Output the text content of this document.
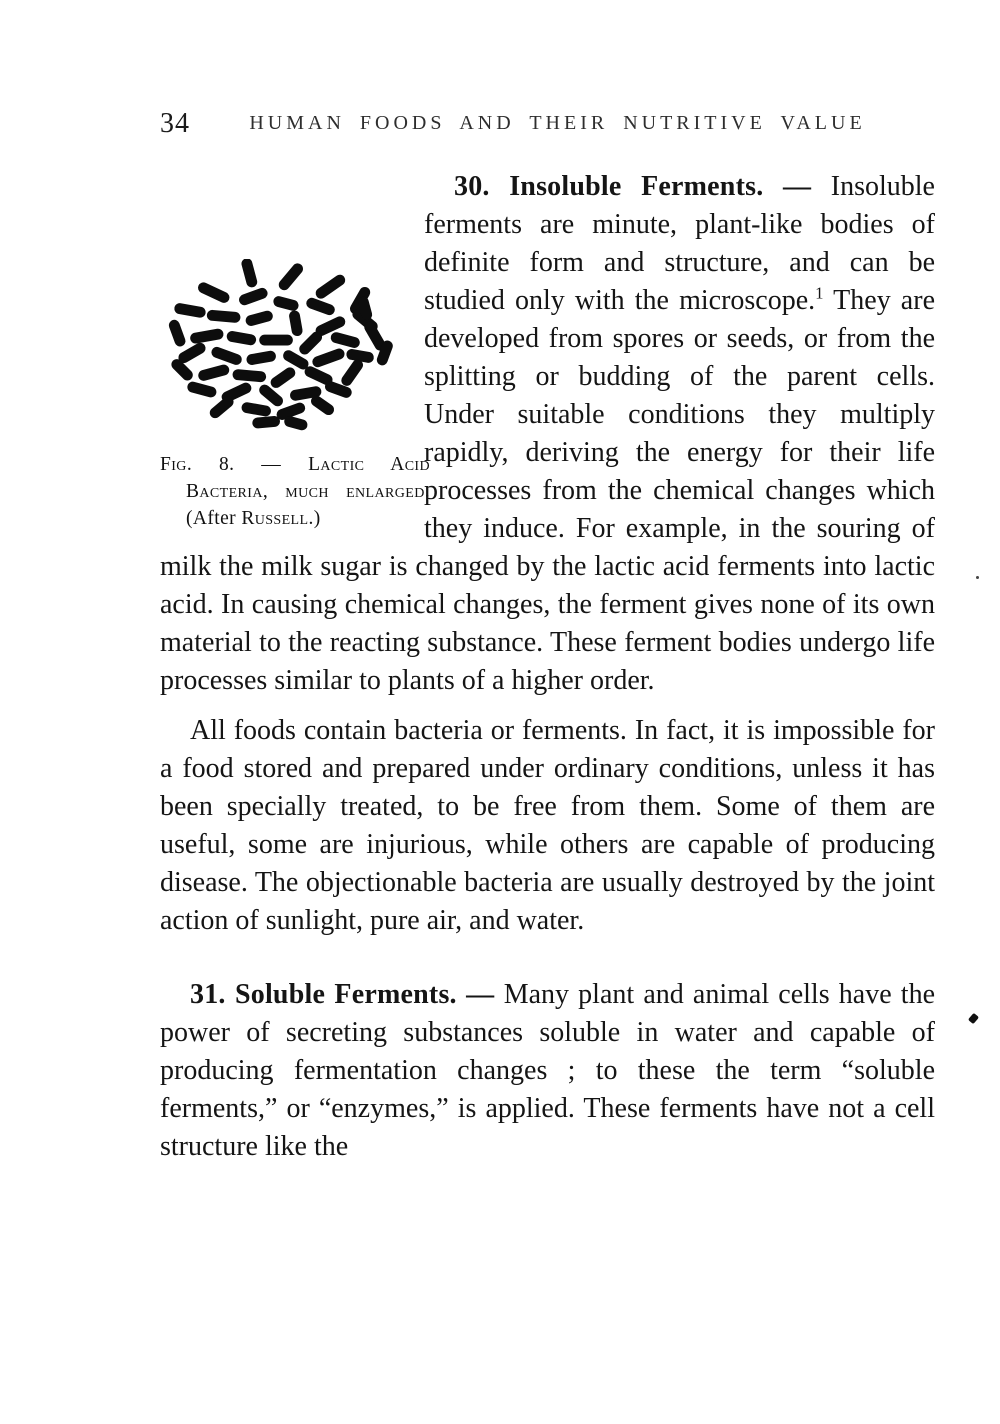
34	HUMAN FOODS AND THEIR NUTRITIVE VALUE

Fig. 8. — Lactic Acid Bacteria, much enlarged. (After Russell.)
30. Insoluble Ferments. — Insoluble ferments are minute, plant-like bodies of definite form and structure, and can be studied only with the microscope.$^1$ They are developed from spores or seeds, or from the splitting or budding of the parent cells. Under suitable conditions they multiply rapidly, deriving the energy for their life processes from the chemical changes which they induce. For example, in the souring of milk the milk sugar is changed by the lactic acid ferments into lactic acid. In causing chemical changes, the ferment gives none of its own material to the reacting substance. These ferment bodies undergo life processes similar to plants of a higher order.

All foods contain bacteria or ferments. In fact, it is impossible for a food stored and prepared under ordinary conditions, unless it has been specially treated, to be free from them. Some of them are useful, some are injurious, while others are capable of producing disease. The objectionable bacteria are usually destroyed by the joint action of sunlight, pure air, and water.

31. Soluble Ferments. — Many plant and animal cells have the power of secreting substances soluble in water and capable of producing fermentation changes ; to these the term “soluble ferments,” or “enzymes,” is applied. These ferments have not a cell structure like the
